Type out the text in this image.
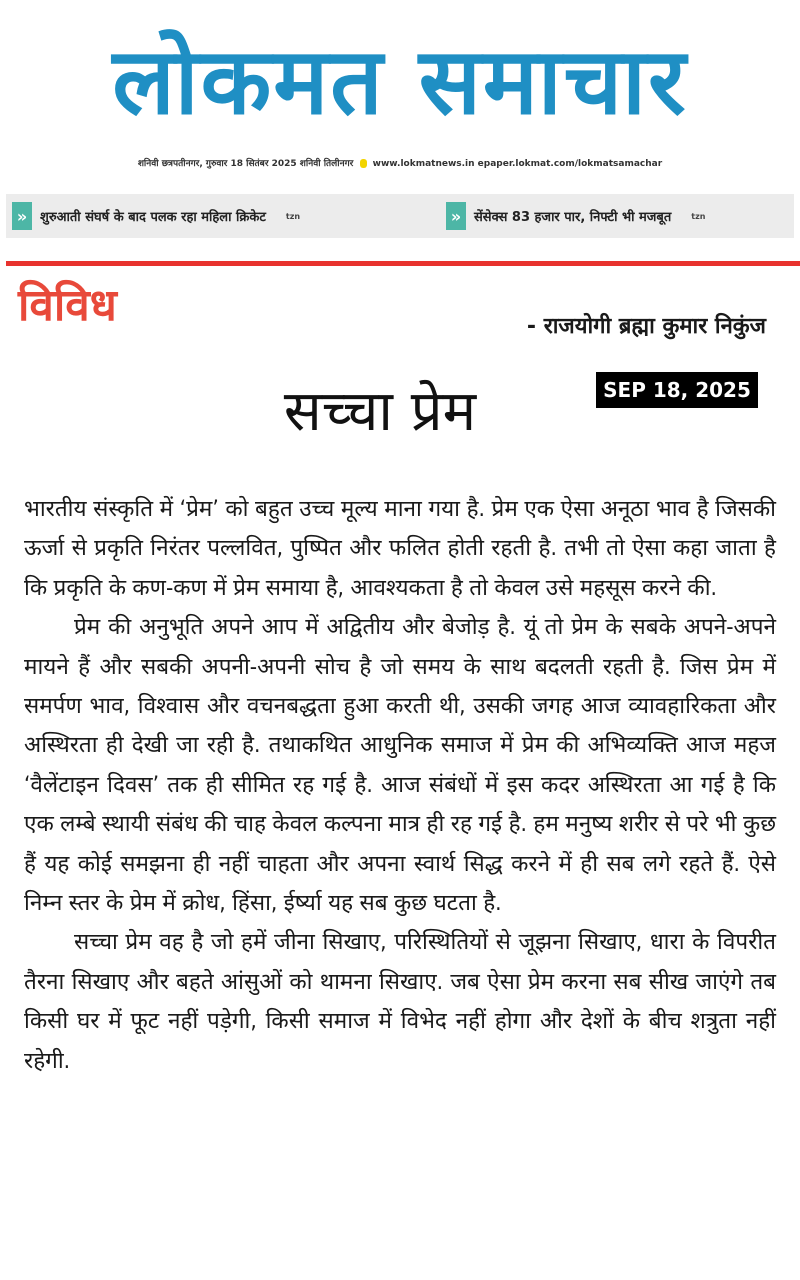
लोकमत समाचार
शनिवी छत्रपतीनगर, गुरुवार 18 सितंबर 2025 शनिवी तिलीनगर www.lokmatnews.in epaper.lokmat.com/lokmatsamachar
» शुरुआती संघर्ष के बाद पलक रहा महिला क्रिकेट	tzn	» सेंसेक्स 83 हजार पार, निफ्टी भी मजबूत	tzn
विविध	- राजयोगी ब्रह्मा कुमार निकुंज
SEP 18, 2025
सच्चा प्रेम

भारतीय संस्कृति में ‘प्रेम’ को बहुत उच्च मूल्य माना गया है. प्रेम एक ऐसा अनूठा भाव है जिसकी ऊर्जा से प्रकृति निरंतर पल्लवित, पुष्पित और फलित होती रहती है. तभी तो ऐसा कहा जाता है कि प्रकृति के कण-कण में प्रेम समाया है, आवश्यकता है तो केवल उसे महसूस करने की.

प्रेम की अनुभूति अपने आप में अद्वितीय और बेजोड़ है. यूं तो प्रेम के सबके अपने-अपने मायने हैं और सबकी अपनी-अपनी सोच है जो समय के साथ बदलती रहती है. जिस प्रेम में समर्पण भाव, विश्वास और वचनबद्धता हुआ करती थी, उसकी जगह आज व्यावहारिकता और अस्थिरता ही देखी जा रही है. तथाकथित आधुनिक समाज में प्रेम की अभिव्यक्ति आज महज ‘वैलेंटाइन दिवस’ तक ही सीमित रह गई है. आज संबंधों में इस कदर अस्थिरता आ गई है कि एक लम्बे स्थायी संबंध की चाह केवल कल्पना मात्र ही रह गई है. हम मनुष्य शरीर से परे भी कुछ हैं यह कोई समझना ही नहीं चाहता और अपना स्वार्थ सिद्ध करने में ही सब लगे रहते हैं. ऐसे निम्न स्तर के प्रेम में क्रोध, हिंसा, ईर्ष्या यह सब कुछ घटता है.

सच्चा प्रेम वह है जो हमें जीना सिखाए, परिस्थितियों से जूझना सिखाए, धारा के विपरीत तैरना सिखाए और बहते आंसुओं को थामना सिखाए. जब ऐसा प्रेम करना सब सीख जाएंगे तब किसी घर में फूट नहीं पड़ेगी, किसी समाज में विभेद नहीं होगा और देशों के बीच शत्रुता नहीं रहेगी.
